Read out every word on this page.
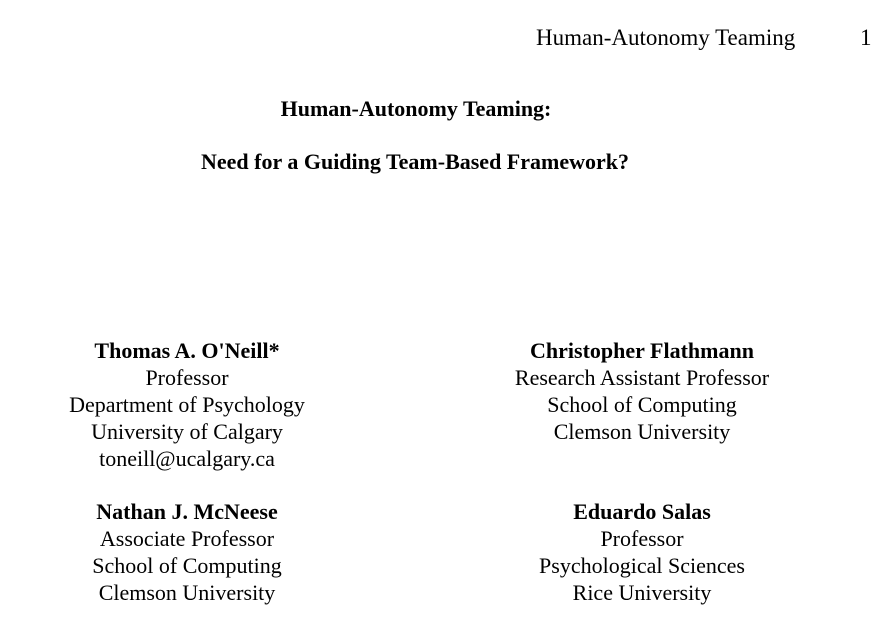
Human-Autonomy Teaming	1
Human-Autonomy Teaming:
Need for a Guiding Team-Based Framework?
Thomas A. O'Neill*
Professor
Department of Psychology
University of Calgary
toneill@ucalgary.ca
Christopher Flathmann
Research Assistant Professor
School of Computing
Clemson University
Nathan J. McNeese
Associate Professor
School of Computing
Clemson University
Eduardo Salas
Professor
Psychological Sciences
Rice University
